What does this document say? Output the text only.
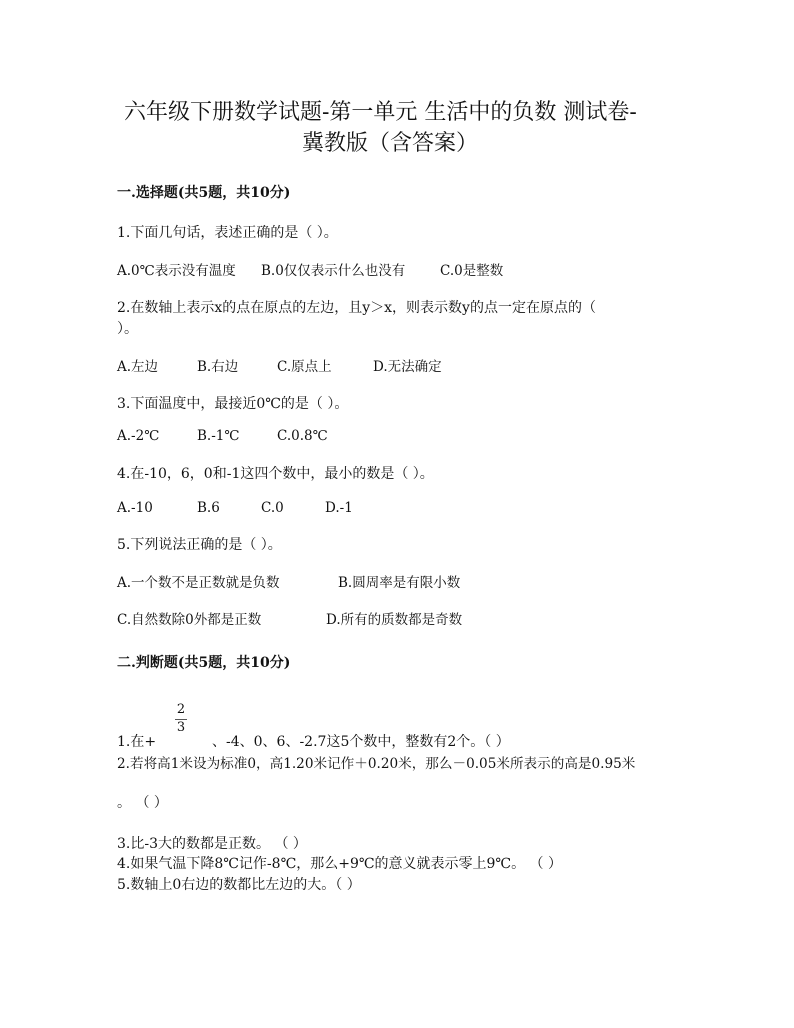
六年级下册数学试题-第一单元 生活中的负数 测试卷-
冀教版（含答案）
一.选择题(共5题，共10分)
1.下面几句话，表述正确的是（ ）。
A.0℃表示没有温度 B.0仅仅表示什么也没有	C.0是整数
2.在数轴上表示x的点在原点的左边，且y＞x，则表示数y的点一定在原点的（
）。
A.左边	B.右边	C.原点上	D.无法确定
3.下面温度中，最接近0℃的是（ ）。
A.-2℃	B.-1℃	C.0.8℃
4.在-10，6，0和-1这四个数中，最小的数是（ ）。
A.-10	B.6	C.0	D.-1
5.下列说法正确的是（ ）。
A.一个数不是正数就是负数	B.圆周率是有限小数
C.自然数除0外都是正数	D.所有的质数都是奇数
二.判断题(共5题，共10分)
2
3
1.在+	、-4、0、6、-2.7这5个数中，整数有2个。（ ）
2.若将高1米设为标准0，高1.20米记作＋0.20米，那么－0.05米所表示的高是0.95米
。 （ ）
3.比-3大的数都是正数。 （ ）
4.如果气温下降8℃记作-8℃，那么+9℃的意义就表示零上9℃。 （ ）
5.数轴上0右边的数都比左边的大。（ ）
